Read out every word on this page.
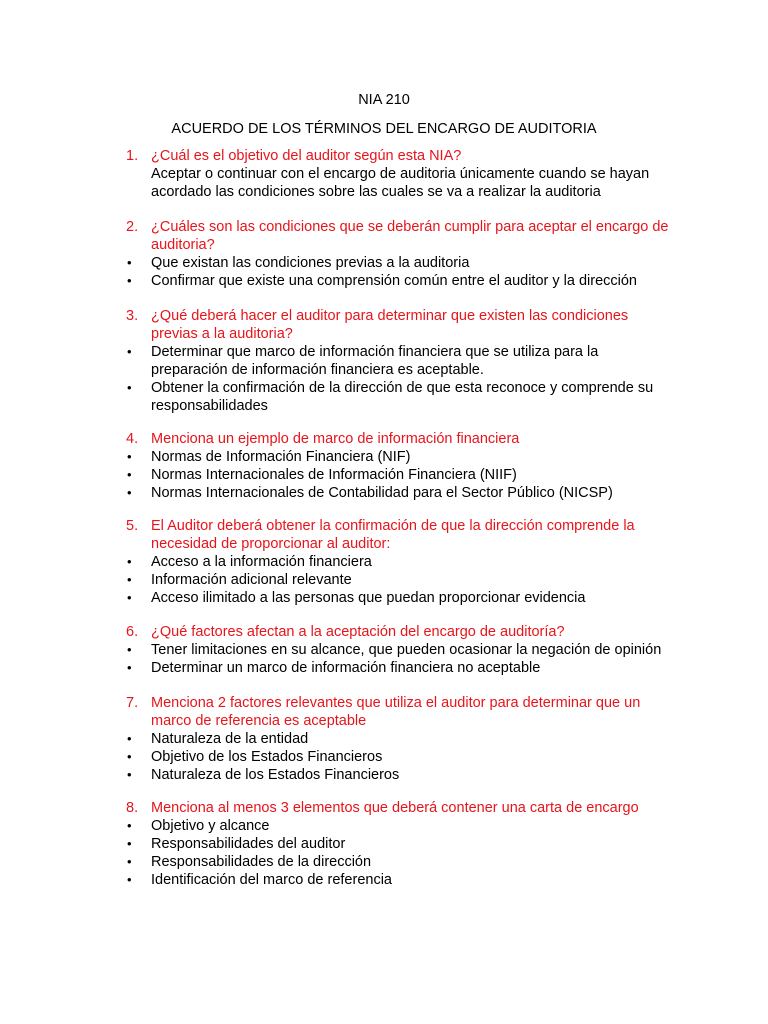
NIA 210
ACUERDO DE LOS TÉRMINOS DEL ENCARGO DE AUDITORIA
1. ¿Cuál es el objetivo del auditor según esta NIA?
Aceptar o continuar con el encargo de auditoria únicamente cuando se hayan acordado las condiciones sobre las cuales se va a realizar la auditoria
2. ¿Cuáles son las condiciones que se deberán cumplir para aceptar el encargo de auditoria?
• Que existan las condiciones previas a la auditoria
• Confirmar que existe una comprensión común entre el auditor y la dirección
3. ¿Qué deberá hacer el auditor para determinar que existen las condiciones previas a la auditoria?
• Determinar que marco de información financiera que se utiliza para la preparación de información financiera es aceptable.
• Obtener la confirmación de la dirección de que esta reconoce y comprende su responsabilidades
4. Menciona un ejemplo de marco de información financiera
• Normas de Información Financiera (NIF)
• Normas Internacionales de Información Financiera (NIIF)
• Normas Internacionales de Contabilidad para el Sector Público (NICSP)
5. El Auditor deberá obtener la confirmación de que la dirección comprende la necesidad de proporcionar al auditor:
• Acceso a la información financiera
• Información adicional relevante
• Acceso ilimitado a las personas que puedan proporcionar evidencia
6. ¿Qué factores afectan a la aceptación del encargo de auditoría?
• Tener limitaciones en su alcance, que pueden ocasionar la negación de opinión
• Determinar un marco de información financiera no aceptable
7. Menciona 2 factores relevantes que utiliza el auditor para determinar que un marco de referencia es aceptable
• Naturaleza de la entidad
• Objetivo de los Estados Financieros
• Naturaleza de los Estados Financieros
8. Menciona al menos 3 elementos que deberá contener una carta de encargo
• Objetivo y alcance
• Responsabilidades del auditor
• Responsabilidades de la dirección
• Identificación del marco de referencia
